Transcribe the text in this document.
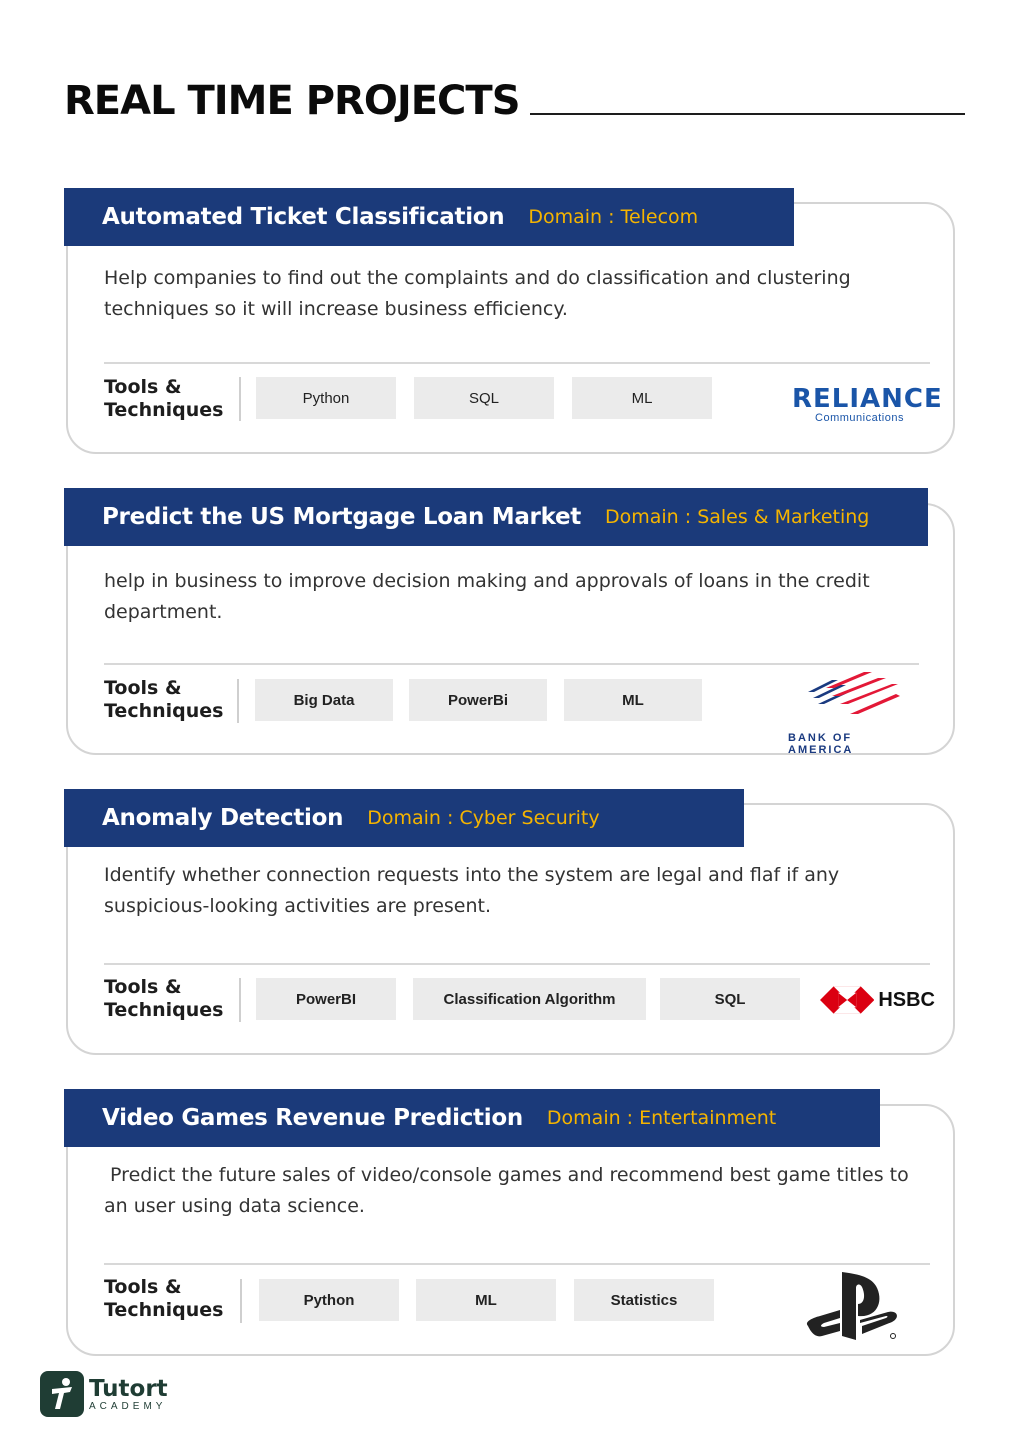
REAL TIME PROJECTS
Automated Ticket Classification Domain : Telecom
Help companies to find out the complaints and do classification and clustering techniques so it will increase business efficiency.
Tools &
Techniques
Python	SQL	ML	RELIANCE
Communications
Predict the US Mortgage Loan Market Domain : Sales & Marketing
help in business to improve decision making and approvals of loans in the credit department.
Tools &
Techniques	Big Data	PowerBi	ML
BANK OF AMERICA
Anomaly Detection Domain : Cyber Security
Identify whether connection requests into the system are legal and flaf if any suspicious-looking activities are present.
Tools &
Techniques	PowerBI	Classification Algorithm	SQL	HSBC
Video Games Revenue Prediction Domain : Entertainment
Predict the future sales of video/console games and recommend best game titles to an user using data science.
Tools &
Techniques	Python	ML	Statistics
Tutort
ACADEMY
